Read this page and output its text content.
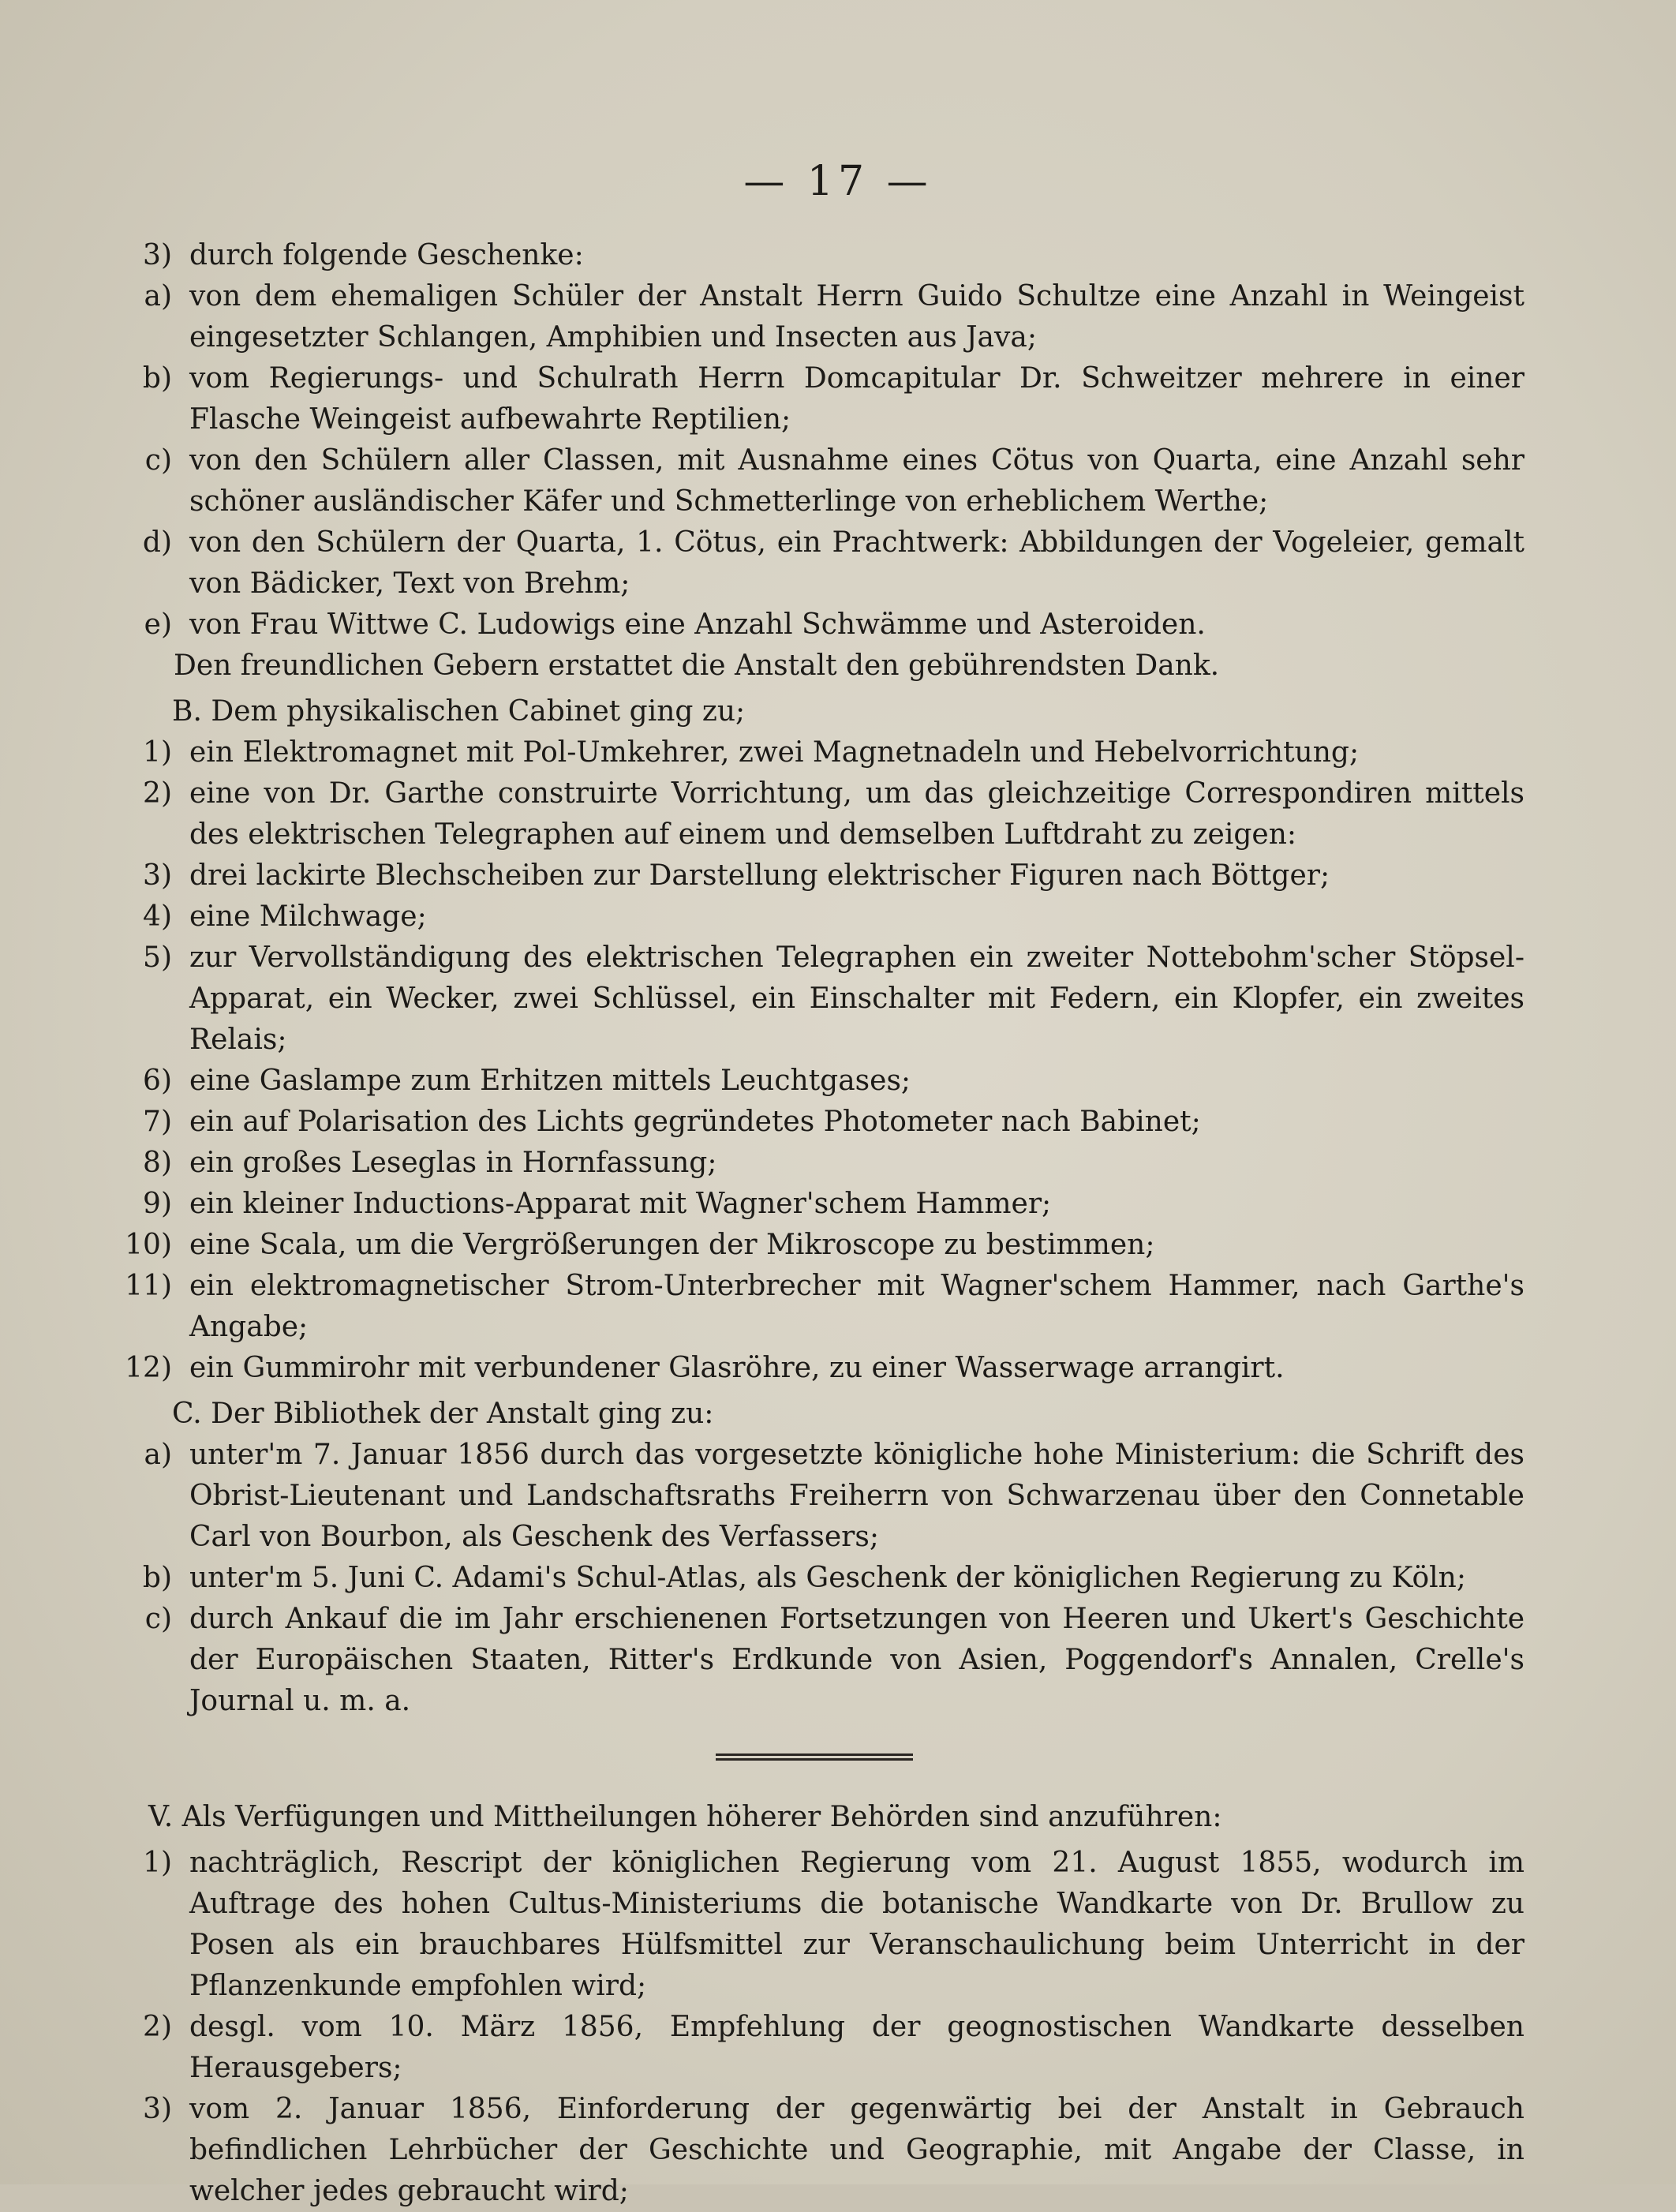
— 17 —
3) durch folgende Geschenke:
a) von dem ehemaligen Schüler der Anstalt Herrn Guido Schultze eine Anzahl in Weingeist eingesetzter Schlangen, Amphibien und Insecten aus Java;
b) vom Regierungs- und Schulrath Herrn Domcapitular Dr. Schweitzer mehrere in einer Flasche Weingeist aufbewahrte Reptilien;
c) von den Schülern aller Classen, mit Ausnahme eines Cötus von Quarta, eine Anzahl sehr schöner ausländischer Käfer und Schmetterlinge von erheblichem Werthe;
d) von den Schülern der Quarta, 1. Cötus, ein Prachtwerk: Abbildungen der Vogeleier, gemalt von Bädicker, Text von Brehm;
e) von Frau Wittwe C. Ludowigs eine Anzahl Schwämme und Asteroiden.
Den freundlichen Gebern erstattet die Anstalt den gebührendsten Dank.
B. Dem physikalischen Cabinet ging zu;
1) ein Elektromagnet mit Pol-Umkehrer, zwei Magnetnadeln und Hebelvorrichtung;
2) eine von Dr. Garthe construirte Vorrichtung, um das gleichzeitige Correspondiren mittels des elektrischen Telegraphen auf einem und demselben Luftdraht zu zeigen:
3) drei lackirte Blechscheiben zur Darstellung elektrischer Figuren nach Böttger;
4) eine Milchwage;
5) zur Vervollständigung des elektrischen Telegraphen ein zweiter Nottebohm'scher Stöpsel-Apparat, ein Wecker, zwei Schlüssel, ein Einschalter mit Federn, ein Klopfer, ein zweites Relais;
6) eine Gaslampe zum Erhitzen mittels Leuchtgases;
7) ein auf Polarisation des Lichts gegründetes Photometer nach Babinet;
8) ein großes Leseglas in Hornfassung;
9) ein kleiner Inductions-Apparat mit Wagner'schem Hammer;
10) eine Scala, um die Vergrößerungen der Mikroscope zu bestimmen;
11) ein elektromagnetischer Strom-Unterbrecher mit Wagner'schem Hammer, nach Garthe's Angabe;
12) ein Gummirohr mit verbundener Glasröhre, zu einer Wasserwage arrangirt.
C. Der Bibliothek der Anstalt ging zu:
a) unter'm 7. Januar 1856 durch das vorgesetzte königliche hohe Ministerium: die Schrift des Obrist-Lieutenant und Landschaftsraths Freiherrn von Schwarzenau über den Connetable Carl von Bourbon, als Geschenk des Verfassers;
b) unter'm 5. Juni C. Adami's Schul-Atlas, als Geschenk der königlichen Regierung zu Köln;
c) durch Ankauf die im Jahr erschienenen Fortsetzungen von Heeren und Ukert's Geschichte der Europäischen Staaten, Ritter's Erdkunde von Asien, Poggendorf's Annalen, Crelle's Journal u. m. a.
V. Als Verfügungen und Mittheilungen höherer Behörden sind anzuführen:
1) nachträglich, Rescript der königlichen Regierung vom 21. August 1855, wodurch im Auftrage des hohen Cultus-Ministeriums die botanische Wandkarte von Dr. Brullow zu Posen als ein brauchbares Hülfsmittel zur Veranschaulichung beim Unterricht in der Pflanzenkunde empfohlen wird;
2) desgl. vom 10. März 1856, Empfehlung der geognostischen Wandkarte desselben Herausgebers;
3) vom 2. Januar 1856, Einforderung der gegenwärtig bei der Anstalt in Gebrauch befindlichen Lehrbücher der Geschichte und Geographie, mit Angabe der Classe, in welcher jedes gebraucht wird;
